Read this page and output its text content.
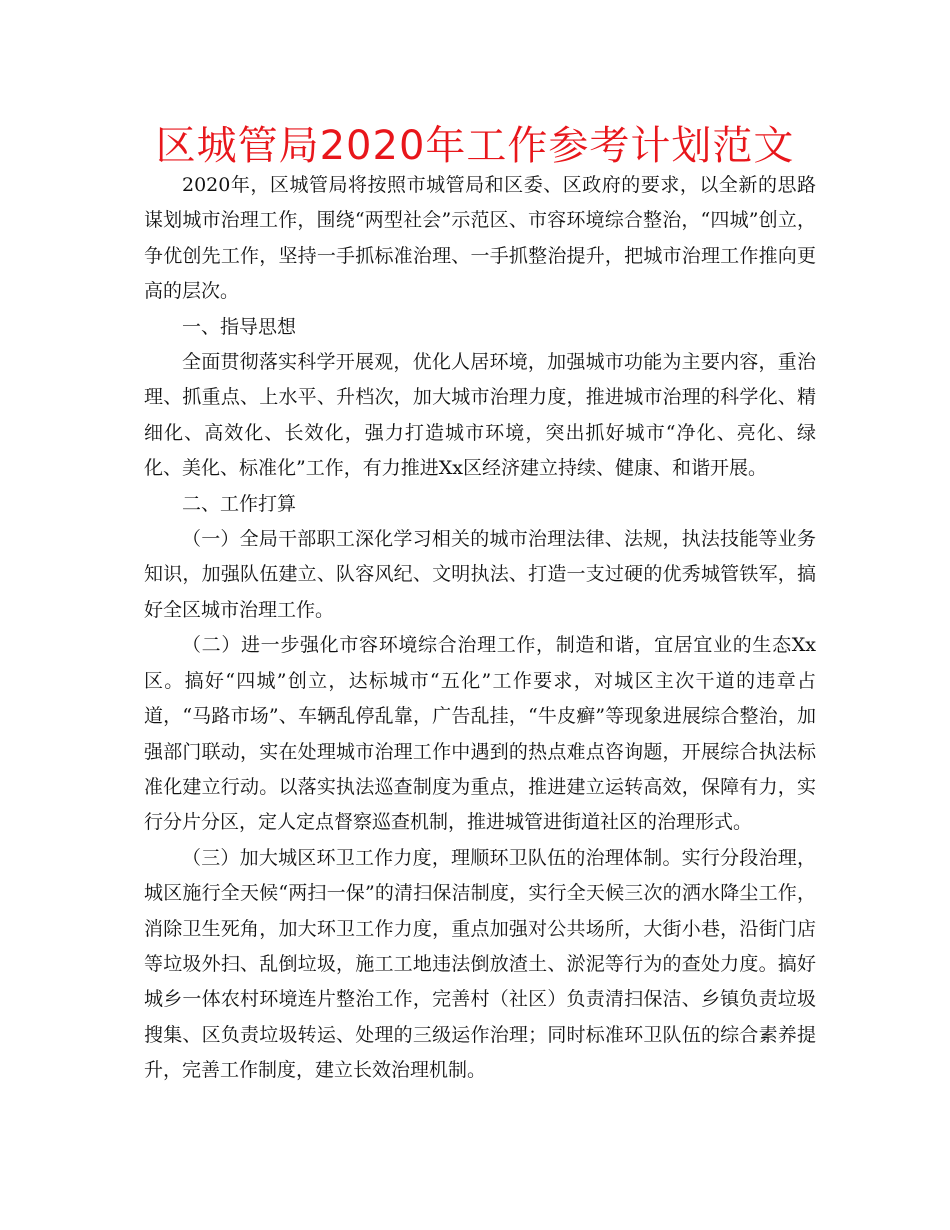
区城管局2020年工作参考计划范文

2020年，区城管局将按照市城管局和区委、区政府的要求，以全新的思路谋划城市治理工作，围绕“两型社会”示范区、市容环境综合整治，“四城”创立，争优创先工作，坚持一手抓标准治理、一手抓整治提升，把城市治理工作推向更高的层次。

一、指导思想

全面贯彻落实科学开展观，优化人居环境，加强城市功能为主要内容，重治理、抓重点、上水平、升档次，加大城市治理力度，推进城市治理的科学化、精细化、高效化、长效化，强力打造城市环境，突出抓好城市“净化、亮化、绿化、美化、标准化”工作，有力推进Xx区经济建立持续、健康、和谐开展。

二、工作打算

（一）全局干部职工深化学习相关的城市治理法律、法规，执法技能等业务知识，加强队伍建立、队容风纪、文明执法、打造一支过硬的优秀城管铁军，搞好全区城市治理工作。

（二）进一步强化市容环境综合治理工作，制造和谐，宜居宜业的生态Xx区。搞好“四城”创立，达标城市“五化”工作要求，对城区主次干道的违章占道，“马路市场”、车辆乱停乱靠，广告乱挂，“牛皮癣”等现象进展综合整治，加强部门联动，实在处理城市治理工作中遇到的热点难点咨询题，开展综合执法标准化建立行动。以落实执法巡查制度为重点，推进建立运转高效，保障有力，实行分片分区，定人定点督察巡查机制，推进城管进街道社区的治理形式。

（三）加大城区环卫工作力度，理顺环卫队伍的治理体制。实行分段治理，城区施行全天候“两扫一保”的清扫保洁制度，实行全天候三次的洒水降尘工作，消除卫生死角，加大环卫工作力度，重点加强对公共场所，大街小巷，沿街门店等垃圾外扫、乱倒垃圾，施工工地违法倒放渣土、淤泥等行为的查处力度。搞好城乡一体农村环境连片整治工作，完善村（社区）负责清扫保洁、乡镇负责垃圾搜集、区负责垃圾转运、处理的三级运作治理；同时标准环卫队伍的综合素养提升，完善工作制度，建立长效治理机制。
